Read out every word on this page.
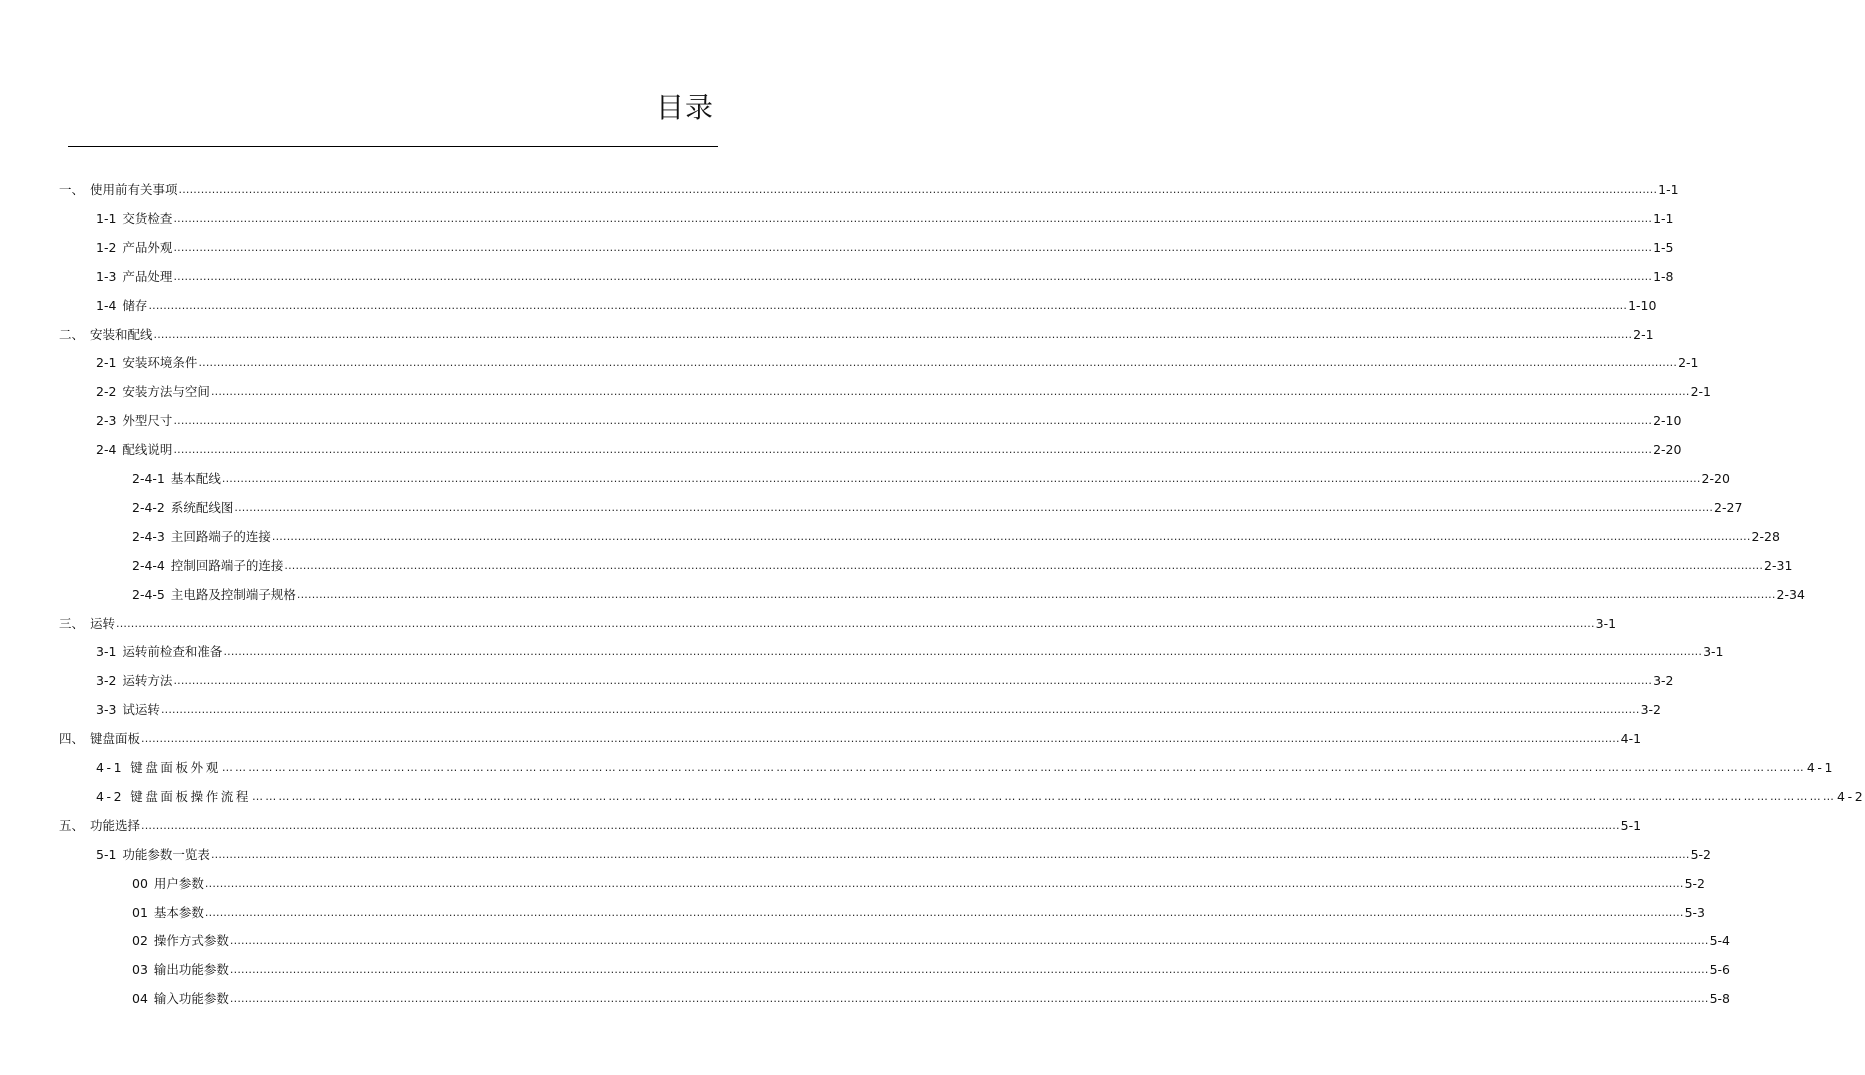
目录
一、 使用前有关事项 ................................................................................................................................................................................................................................................................................................................................................................................................................ 1-1
1-1 交货检查 ................................................................................................................................................................................................................................................................................................................................................................................................................ 1-1
1-2 产品外观 ................................................................................................................................................................................................................................................................................................................................................................................................................ 1-5
1-3 产品处理 ................................................................................................................................................................................................................................................................................................................................................................................................................ 1-8
1-4 储存 ................................................................................................................................................................................................................................................................................................................................................................................................................ 1-10
二、 安装和配线 ................................................................................................................................................................................................................................................................................................................................................................................................................ 2-1
2-1 安装环境条件 ................................................................................................................................................................................................................................................................................................................................................................................................................ 2-1
2-2 安装方法与空间 ................................................................................................................................................................................................................................................................................................................................................................................................................ 2-1
2-3 外型尺寸 ................................................................................................................................................................................................................................................................................................................................................................................................................ 2-10
2-4 配线说明 ................................................................................................................................................................................................................................................................................................................................................................................................................ 2-20
2-4-1 基本配线 ................................................................................................................................................................................................................................................................................................................................................................................................................ 2-20
2-4-2 系统配线图 ................................................................................................................................................................................................................................................................................................................................................................................................................ 2-27
2-4-3 主回路端子的连接 ................................................................................................................................................................................................................................................................................................................................................................................................................ 2-28
2-4-4 控制回路端子的连接 ................................................................................................................................................................................................................................................................................................................................................................................................................ 2-31
2-4-5 主电路及控制端子规格 ................................................................................................................................................................................................................................................................................................................................................................................................................ 2-34
三、 运转 ................................................................................................................................................................................................................................................................................................................................................................................................................ 3-1
3-1 运转前检查和准备 ................................................................................................................................................................................................................................................................................................................................................................................................................ 3-1
3-2 运转方法 ................................................................................................................................................................................................................................................................................................................................................................................................................ 3-2
3-3 试运转 ................................................................................................................................................................................................................................................................................................................................................................................................................ 3-2
四、 键盘面板 ................................................................................................................................................................................................................................................................................................................................................................................................................ 4-1
4-1 键盘面板外观 ……………………………………………………………………………………………………………………………………………………………………………………………………………………………………………………………………………………………………………………………… 4-1
4-2 键盘面板操作流程 ……………………………………………………………………………………………………………………………………………………………………………………………………………………………………………………………………………………………………………………………… 4-2
五、 功能选择 ................................................................................................................................................................................................................................................................................................................................................................................................................ 5-1
5-1 功能参数一览表 ................................................................................................................................................................................................................................................................................................................................................................................................................ 5-2
00 用户参数 ................................................................................................................................................................................................................................................................................................................................................................................................................ 5-2
01 基本参数 ................................................................................................................................................................................................................................................................................................................................................................................................................ 5-3
02 操作方式参数 ................................................................................................................................................................................................................................................................................................................................................................................................................ 5-4
03 输出功能参数 ................................................................................................................................................................................................................................................................................................................................................................................................................ 5-6
04 输入功能参数 ................................................................................................................................................................................................................................................................................................................................................................................................................ 5-8
